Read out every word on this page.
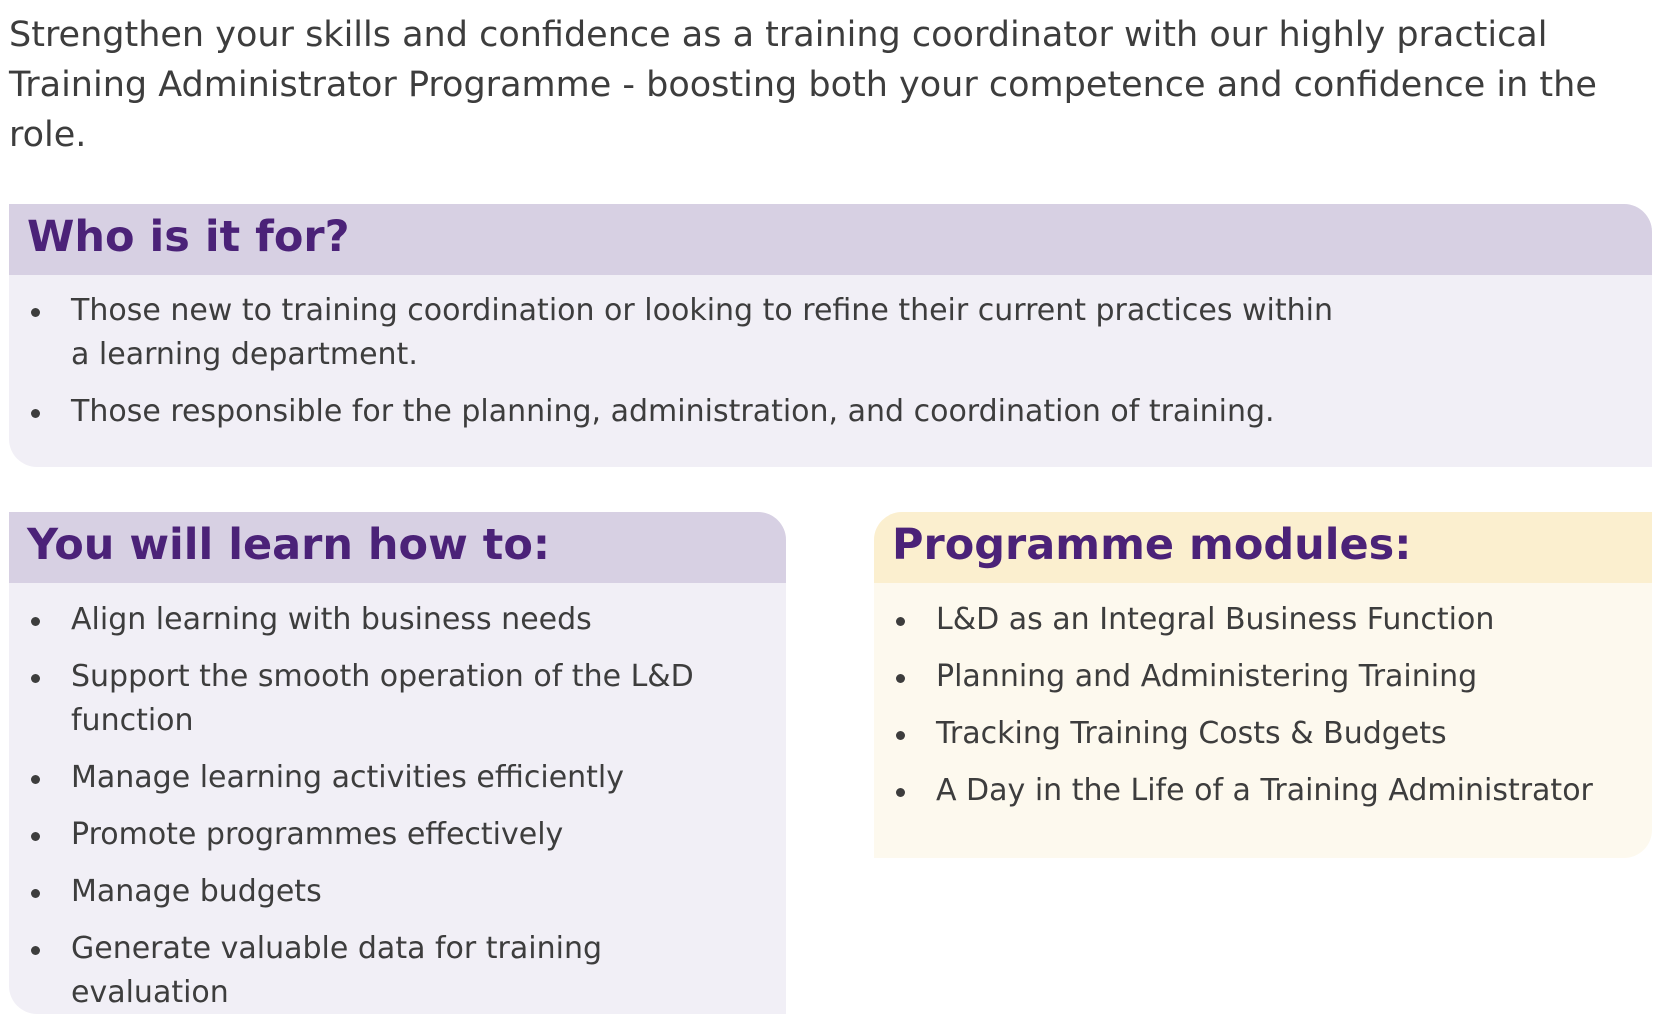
Strengthen your skills and confidence as a training coordinator with our highly practical Training Administrator Programme - boosting both your competence and confidence in the role.

Who is it for?
Those new to training coordination or looking to refine their current practices within a learning department.
Those responsible for the planning, administration, and coordination of training.
You will learn how to:
Align learning with business needs
Support the smooth operation of the L&D function
Manage learning activities efficiently
Promote programmes effectively
Manage budgets
Generate valuable data for training evaluation
Programme modules:
L&D as an Integral Business Function
Planning and Administering Training
Tracking Training Costs & Budgets
A Day in the Life of a Training Administrator
